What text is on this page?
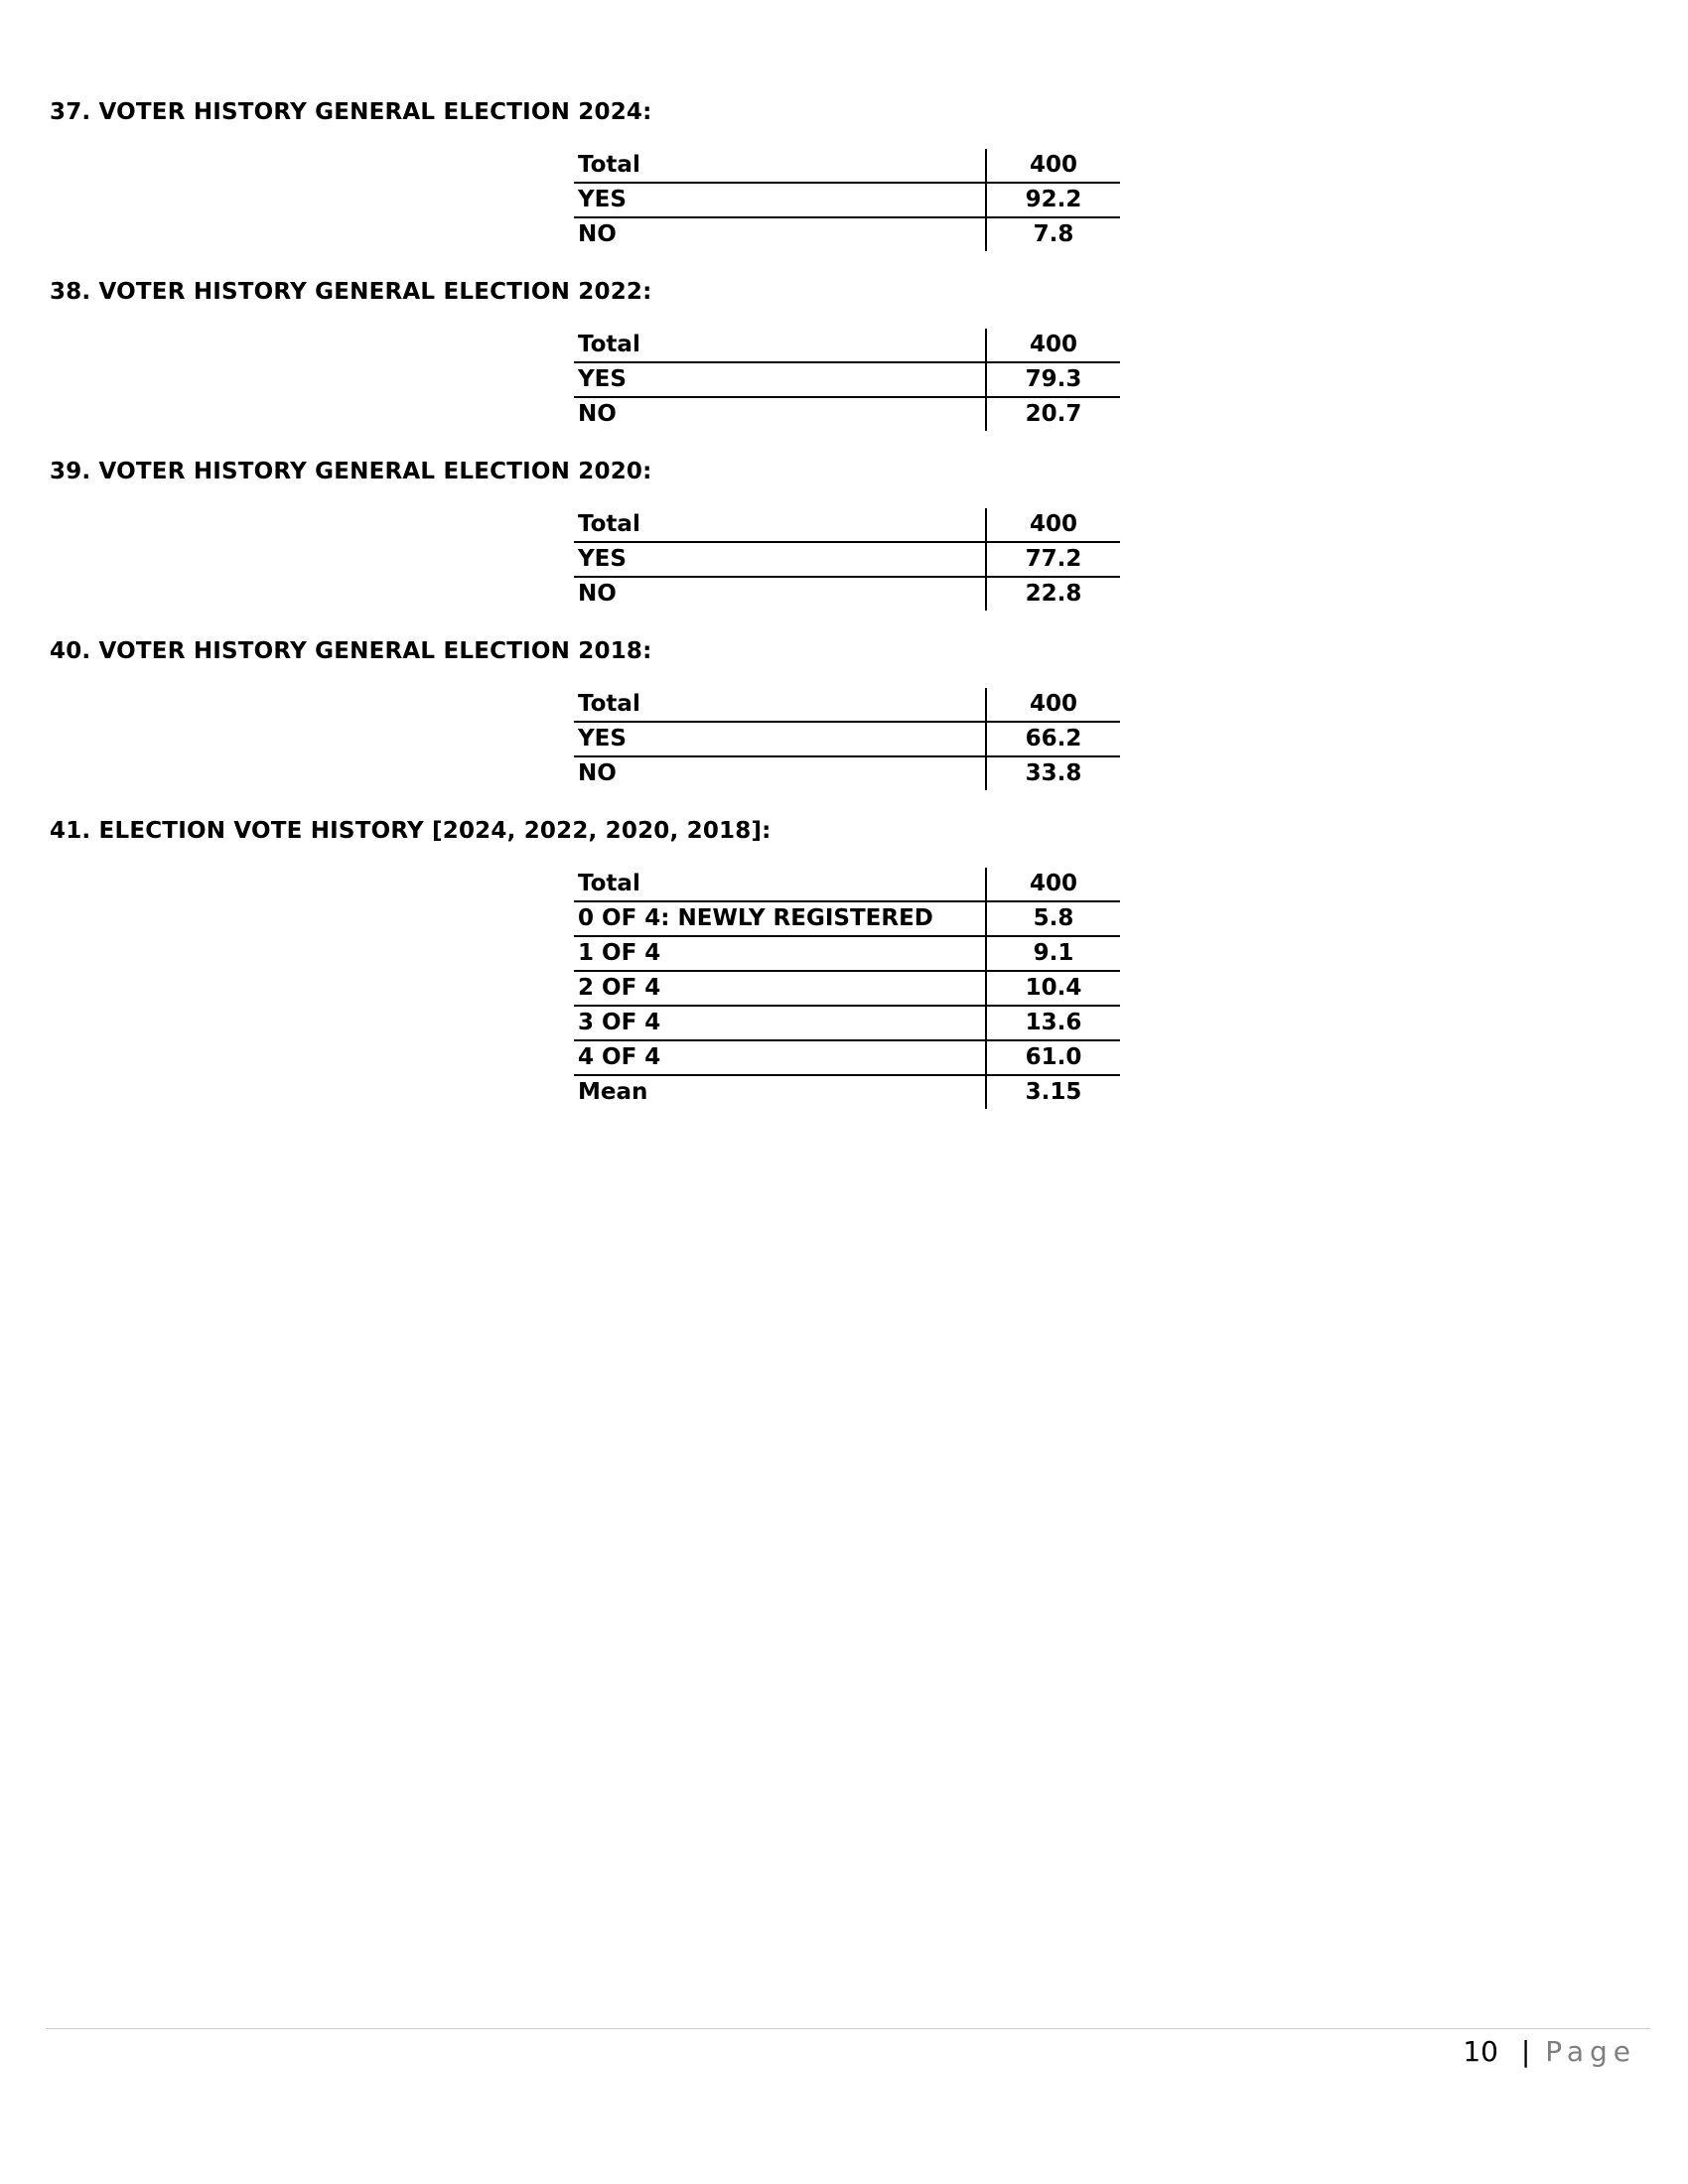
37. VOTER HISTORY GENERAL ELECTION 2024:
Total	400
YES	92.2
NO	7.8
38. VOTER HISTORY GENERAL ELECTION 2022:
Total	400
YES	79.3
NO	20.7
39. VOTER HISTORY GENERAL ELECTION 2020:
Total	400
YES	77.2
NO	22.8
40. VOTER HISTORY GENERAL ELECTION 2018:
Total	400
YES	66.2
NO	33.8
41. ELECTION VOTE HISTORY [2024, 2022, 2020, 2018]:
Total	400
0 OF 4: NEWLY REGISTERED	5.8
1 OF 4	9.1
2 OF 4	10.4
3 OF 4	13.6
4 OF 4	61.0
Mean	3.15
10 | Page
